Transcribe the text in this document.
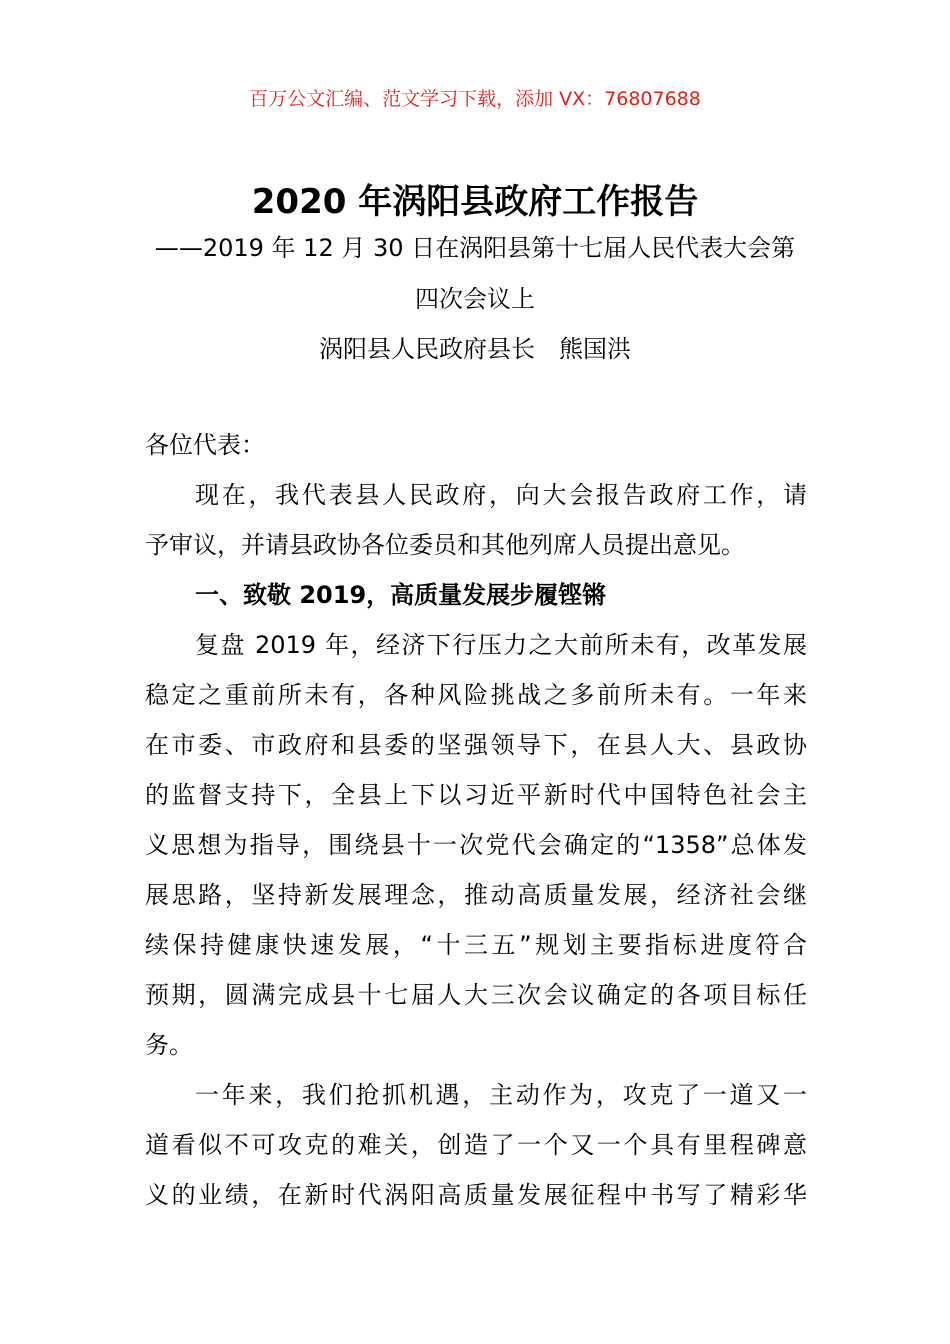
百万公文汇编、范文学习下载，添加 VX：76807688
2020 年涡阳县政府工作报告
——2019 年 12 月 30 日在涡阳县第十七届人民代表大会第
四次会议上
涡阳县人民政府县长　熊国洪
各位代表：
现在，我代表县人民政府，向大会报告政府工作，请
予审议，并请县政协各位委员和其他列席人员提出意见。
一、致敬 2019，高质量发展步履铿锵
复盘 2019 年，经济下行压力之大前所未有，改革发展
稳定之重前所未有，各种风险挑战之多前所未有。一年来
在市委、市政府和县委的坚强领导下，在县人大、县政协
的监督支持下，全县上下以习近平新时代中国特色社会主
义思想为指导，围绕县十一次党代会确定的“1358”总体发
展思路，坚持新发展理念，推动高质量发展，经济社会继
续保持健康快速发展，“十三五”规划主要指标进度符合
预期，圆满完成县十七届人大三次会议确定的各项目标任
务。
一年来，我们抢抓机遇，主动作为，攻克了一道又一
道看似不可攻克的难关，创造了一个又一个具有里程碑意
义的业绩，在新时代涡阳高质量发展征程中书写了精彩华
